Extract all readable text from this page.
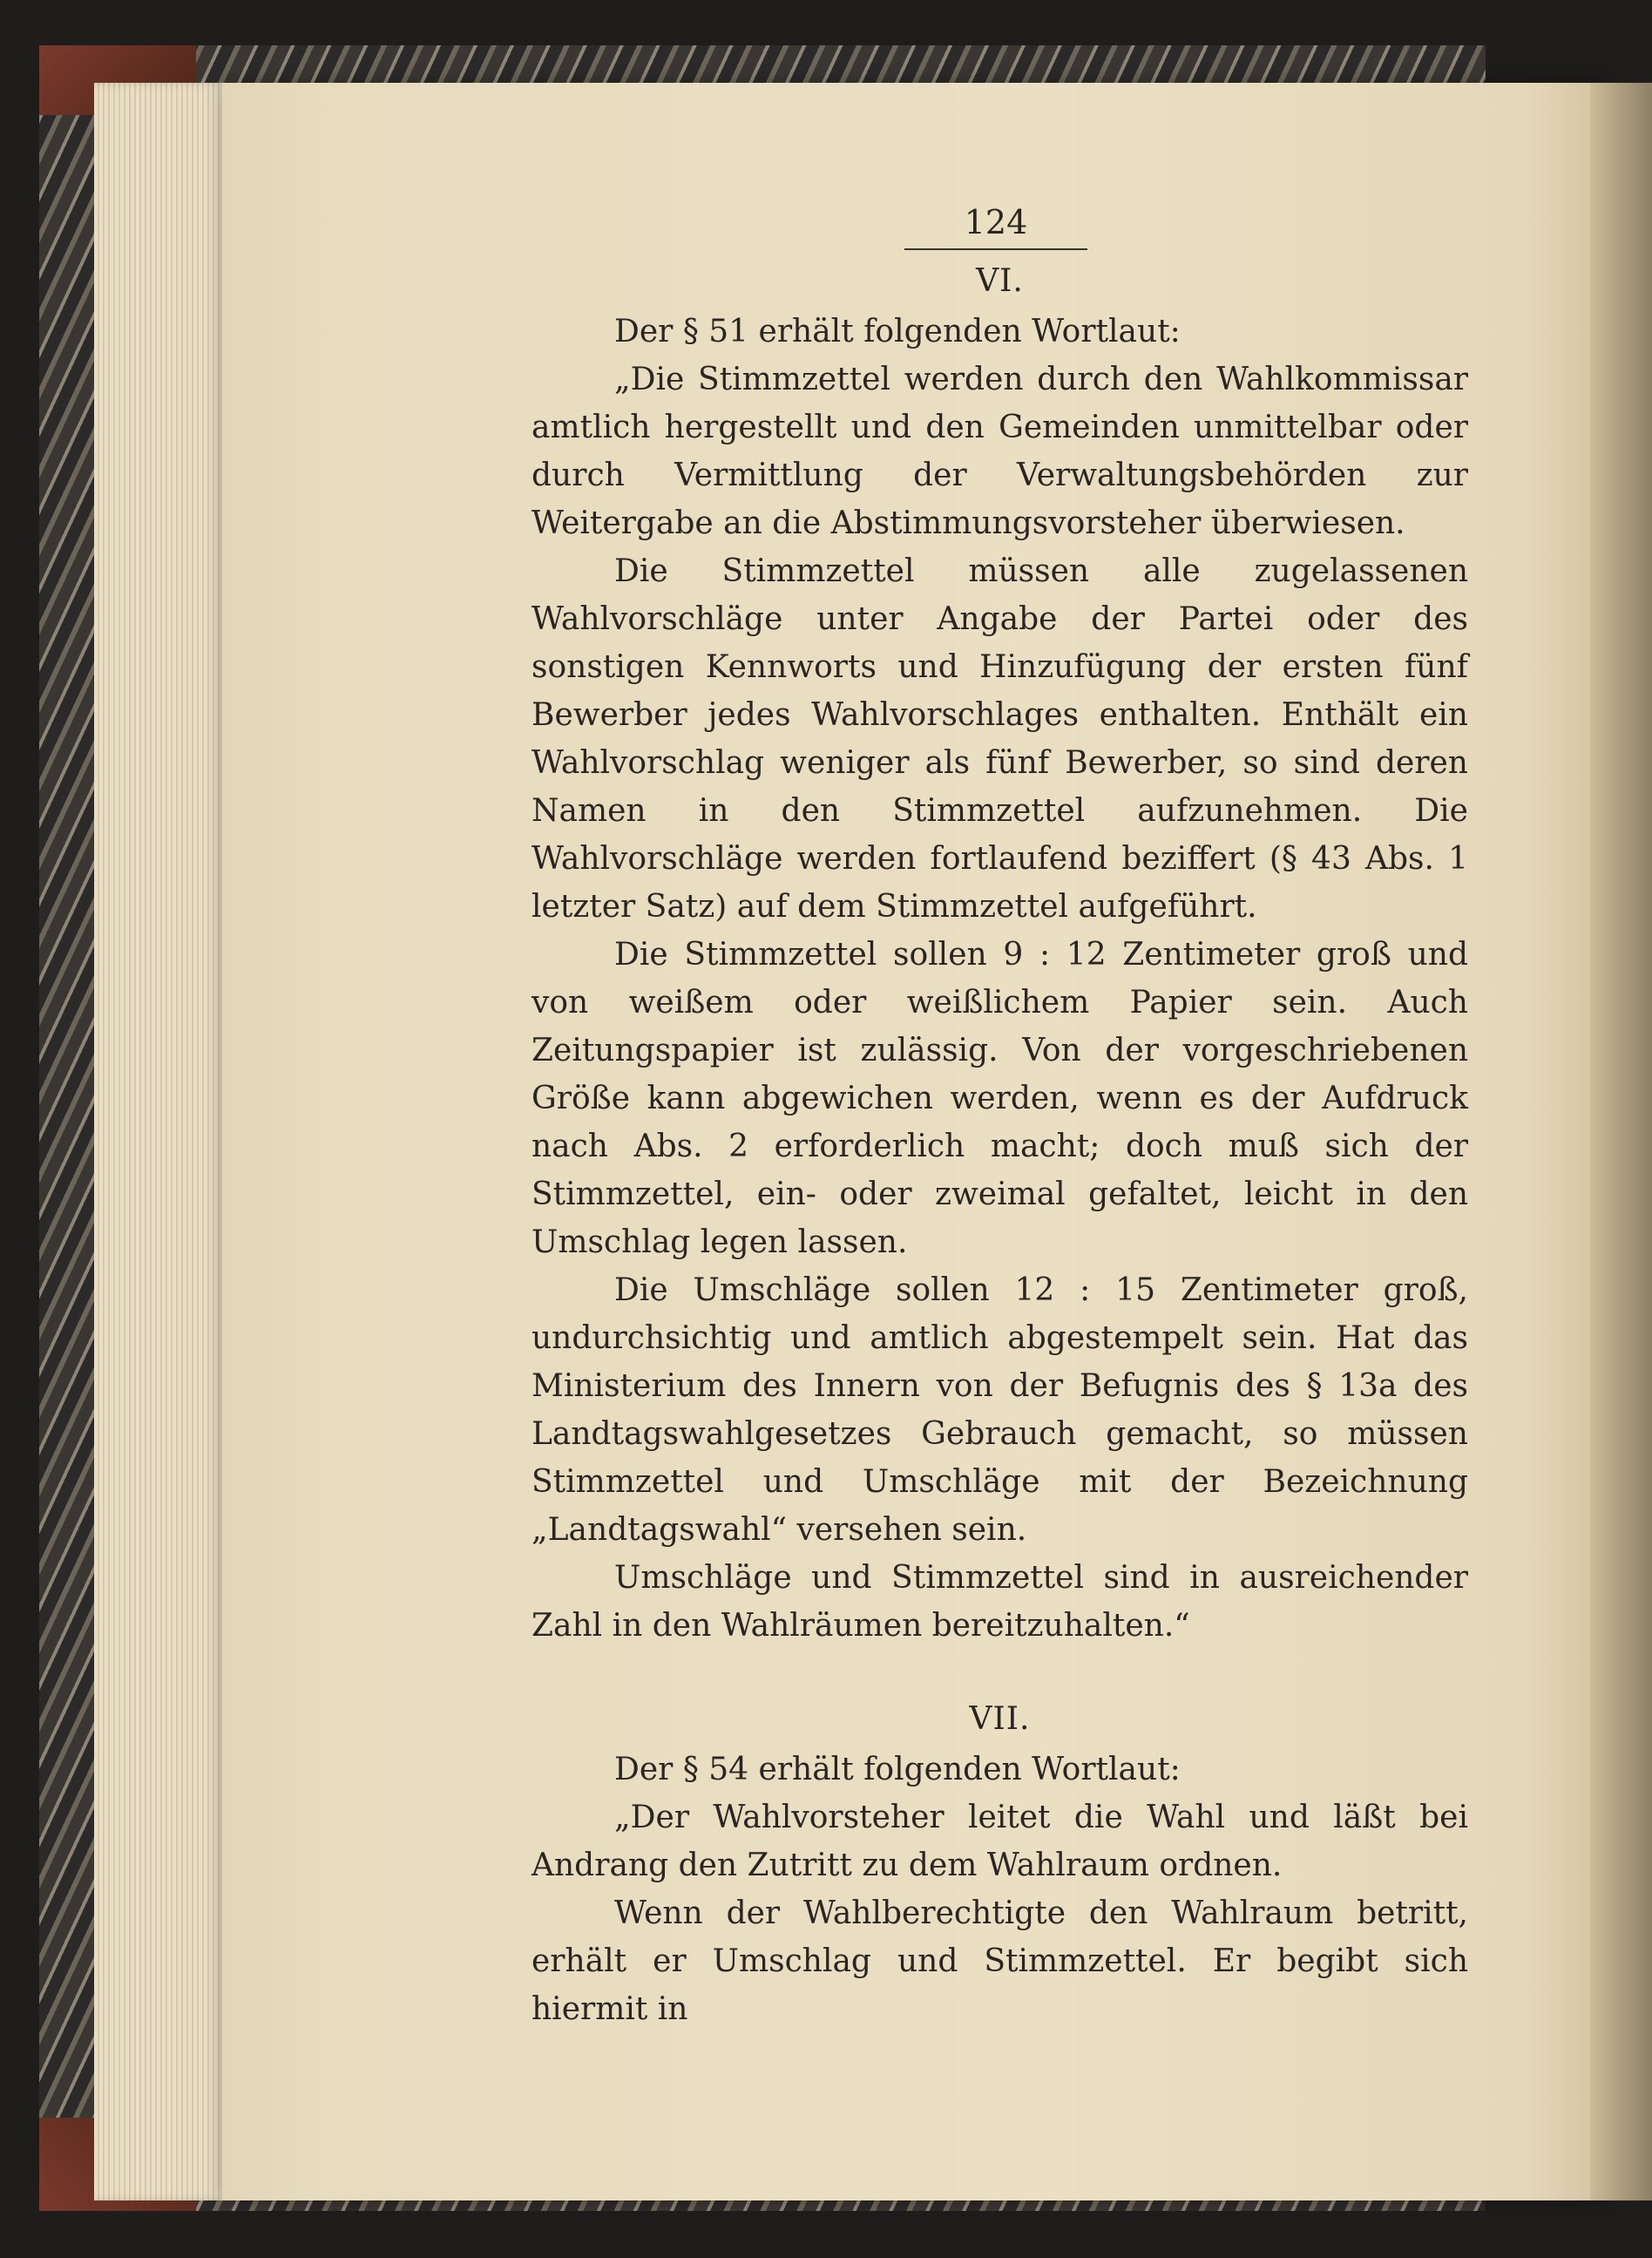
124
VI.

Der § 51 erhält folgenden Wortlaut:

„Die Stimmzettel werden durch den Wahlkommissar amtlich hergestellt und den Gemeinden unmittelbar oder durch Vermittlung der Verwaltungsbehörden zur Weitergabe an die Abstimmungsvorsteher überwiesen.

Die Stimmzettel müssen alle zugelassenen Wahlvorschläge unter Angabe der Partei oder des sonstigen Kennworts und Hinzufügung der ersten fünf Bewerber jedes Wahlvorschlages enthalten. Enthält ein Wahlvorschlag weniger als fünf Bewerber, so sind deren Namen in den Stimmzettel aufzunehmen. Die Wahlvorschläge werden fortlaufend beziffert (§ 43 Abs. 1 letzter Satz) auf dem Stimmzettel aufgeführt.

Die Stimmzettel sollen 9 : 12 Zentimeter groß und von weißem oder weißlichem Papier sein. Auch Zeitungspapier ist zulässig. Von der vorgeschriebenen Größe kann abgewichen werden, wenn es der Aufdruck nach Abs. 2 erforderlich macht; doch muß sich der Stimmzettel, ein- oder zweimal gefaltet, leicht in den Umschlag legen lassen.

Die Umschläge sollen 12 : 15 Zentimeter groß, undurchsichtig und amtlich abgestempelt sein. Hat das Ministerium des Innern von der Befugnis des § 13a des Landtagswahlgesetzes Gebrauch gemacht, so müssen Stimmzettel und Umschläge mit der Bezeichnung „Landtagswahl“ versehen sein.

Umschläge und Stimmzettel sind in ausreichender Zahl in den Wahlräumen bereitzuhalten.“

VII.

Der § 54 erhält folgenden Wortlaut:

„Der Wahlvorsteher leitet die Wahl und läßt bei Andrang den Zutritt zu dem Wahlraum ordnen.

Wenn der Wahlberechtigte den Wahlraum betritt, erhält er Umschlag und Stimmzettel. Er begibt sich hiermit in
